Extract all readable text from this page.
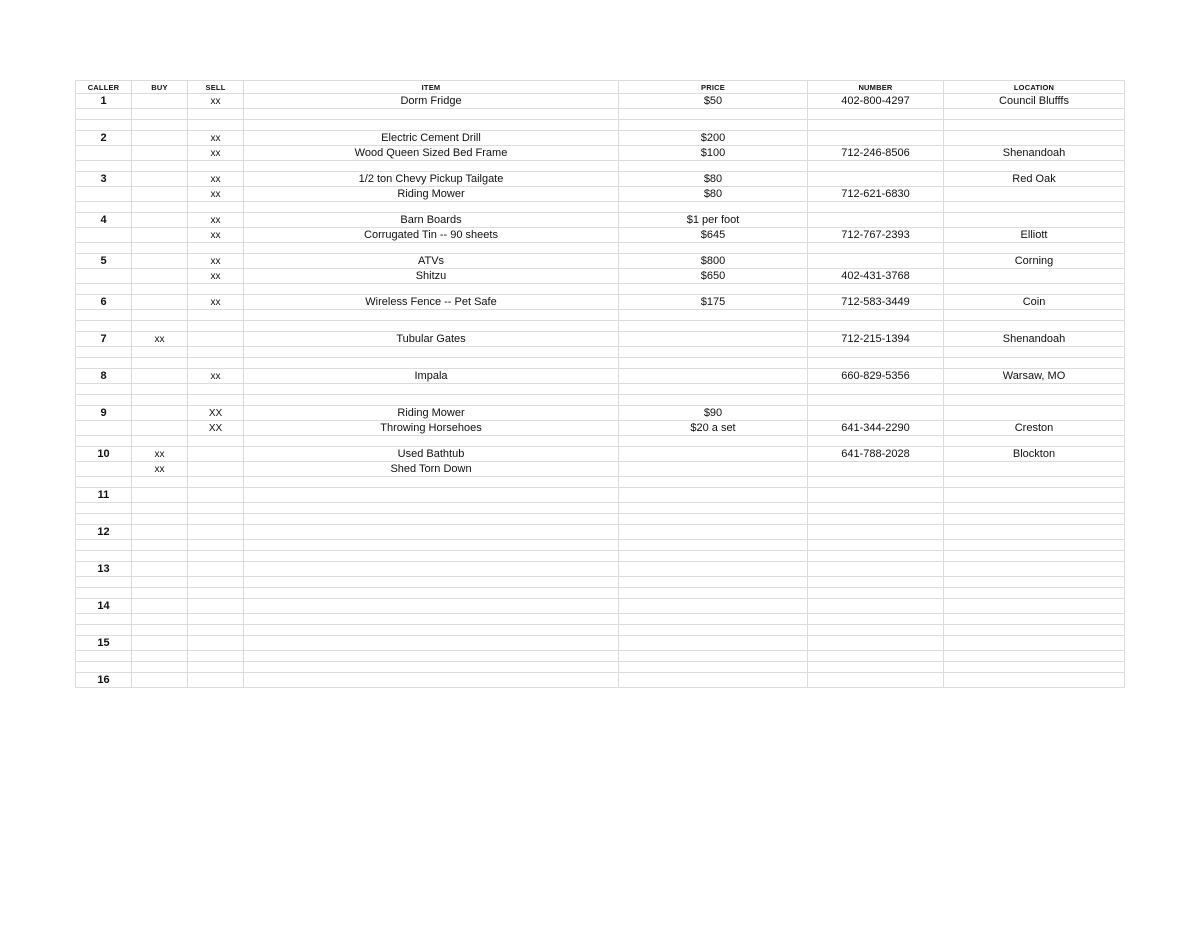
CALLER	BUY	SELL	ITEM	PRICE	NUMBER	LOCATION
1		xx	Dorm Fridge	$50	402-800-4297	Council Blufffs

2		xx	Electric Cement Drill	$200		
		xx	Wood Queen Sized Bed Frame	$100	712-246-8506	Shenandoah

3		xx	1/2 ton Chevy Pickup Tailgate	$80		Red Oak
		xx	Riding Mower	$80	712-621-6830	

4		xx	Barn Boards	$1 per foot		
		xx	Corrugated Tin -- 90 sheets	$645	712-767-2393	Elliott

5		xx	ATVs	$800		Corning
		xx	Shitzu	$650	402-431-3768	

6		xx	Wireless Fence -- Pet Safe	$175	712-583-3449	Coin

7	xx		Tubular Gates		712-215-1394	Shenandoah

8		xx	Impala		660-829-5356	Warsaw, MO

9		XX	Riding Mower	$90		
		XX	Throwing Horsehoes	$20 a set	641-344-2290	Creston

10	xx		Used Bathtub		641-788-2028	Blockton
	xx		Shed Torn Down			

11						

12						

13						

14						

15						

16						
